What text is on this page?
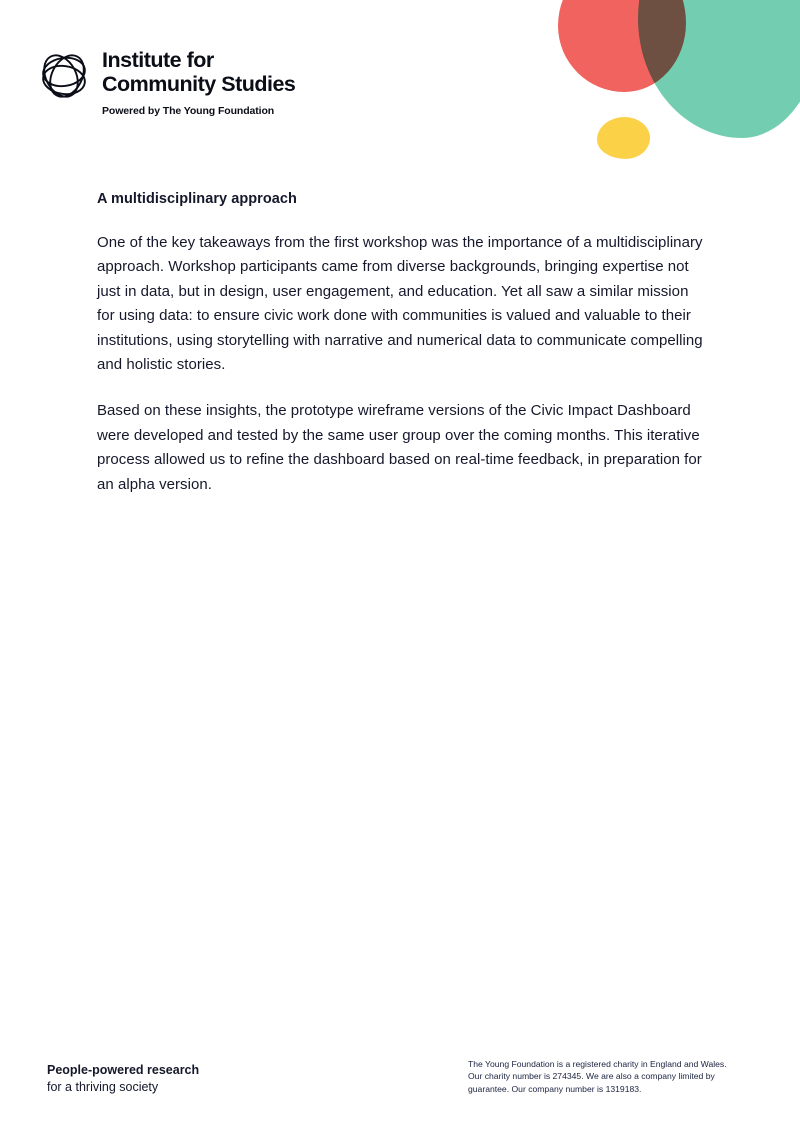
Institute for
Community Studies
Powered by The Young Foundation
A multidisciplinary approach

One of the key takeaways from the first workshop was the importance of a multidisciplinary approach. Workshop participants came from diverse backgrounds, bringing expertise not just in data, but in design, user engagement, and education. Yet all saw a similar mission for using data: to ensure civic work done with communities is valued and valuable to their institutions, using storytelling with narrative and numerical data to communicate compelling and holistic stories.

Based on these insights, the prototype wireframe versions of the Civic Impact Dashboard were developed and tested by the same user group over the coming months. This iterative process allowed us to refine the dashboard based on real-time feedback, in preparation for an alpha version.

People-powered research
for a thriving society
The Young Foundation is a registered charity in England and Wales.
Our charity number is 274345. We are also a company limited by
guarantee. Our company number is 1319183.
